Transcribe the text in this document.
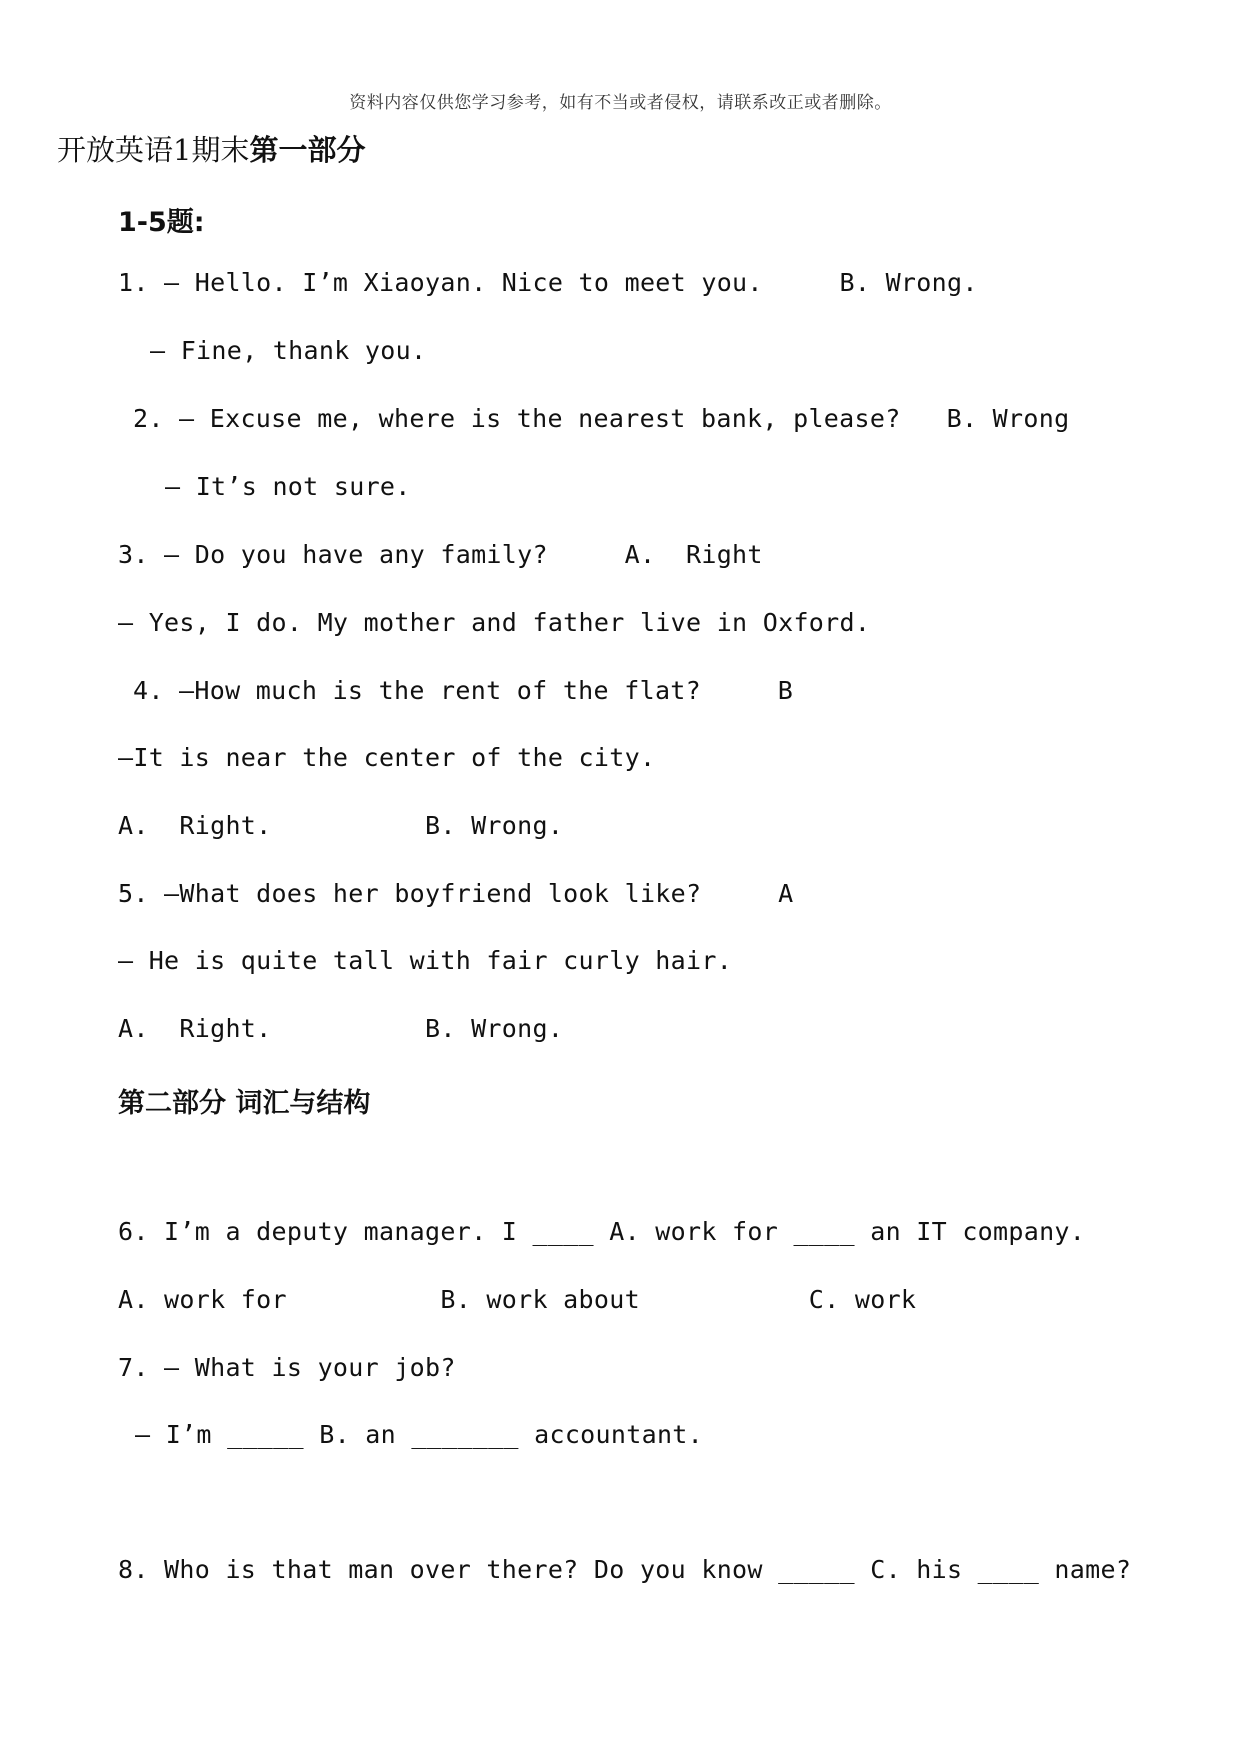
资料内容仅供您学习参考，如有不当或者侵权，请联系改正或者删除。
开放英语1期末第一部分
1-5题:
1. — Hello. I’m Xiaoyan. Nice to meet you.     B. Wrong.
— Fine, thank you.
2. — Excuse me, where is the nearest bank, please?   B. Wrong
— It’s not sure.
3. — Do you have any family?     A.  Right
— Yes, I do. My mother and father live in Oxford.
4. —How much is the rent of the flat?     B
—It is near the center of the city.
A.  Right.          B. Wrong.
5. —What does her boyfriend look like?     A
— He is quite tall with fair curly hair.
A.  Right.          B. Wrong.
第二部分 词汇与结构
6. I’m a deputy manager. I ____ A. work for ____ an IT company.
A. work for          B. work about           C. work
7. — What is your job?
— I’m _____ B. an _______ accountant.
8. Who is that man over there? Do you know _____ C. his ____ name?
